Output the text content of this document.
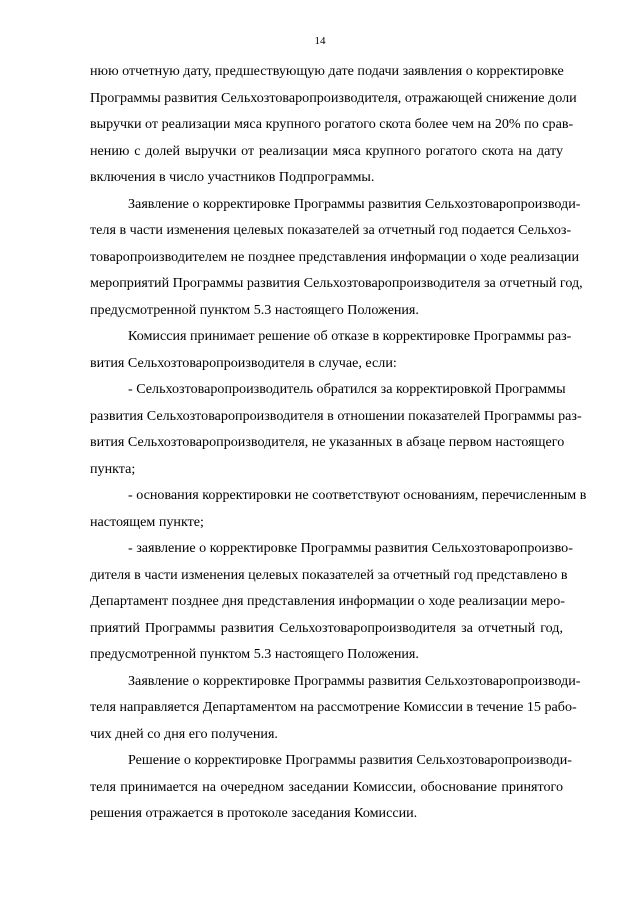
14

нюю отчетную дату, предшествующую дате подачи заявления о корректировке
Программы развития Сельхозтоваропроизводителя, отражающей снижение доли
выручки от реализации мяса крупного рогатого скота более чем на 20% по срав-
нению с долей выручки от реализации мяса крупного рогатого скота на дату
включения в число участников Подпрограммы.

Заявление о корректировке Программы развития Сельхозтоваропроизводи-
теля в части изменения целевых показателей за отчетный год подается Сельхоз-
товаропроизводителем не позднее представления информации о ходе реализации
мероприятий Программы развития Сельхозтоваропроизводителя за отчетный год,
предусмотренной пунктом 5.3 настоящего Положения.

Комиссия принимает решение об отказе в корректировке Программы раз-
вития Сельхозтоваропроизводителя в случае, если:

- Сельхозтоваропроизводитель обратился за корректировкой Программы
развития Сельхозтоваропроизводителя в отношении показателей Программы раз-
вития Сельхозтоваропроизводителя, не указанных в абзаце первом настоящего
пункта;

- основания корректировки не соответствуют основаниям, перечисленным в
настоящем пункте;

- заявление о корректировке Программы развития Сельхозтоваропроизво-
дителя в части изменения целевых показателей за отчетный год представлено в
Департамент позднее дня представления информации о ходе реализации меро-
приятий Программы развития Сельхозтоваропроизводителя за отчетный год,
предусмотренной пунктом 5.3 настоящего Положения.

Заявление о корректировке Программы развития Сельхозтоваропроизводи-
теля направляется Департаментом на рассмотрение Комиссии в течение 15 рабо-
чих дней со дня его получения.

Решение о корректировке Программы развития Сельхозтоваропроизводи-
теля принимается на очередном заседании Комиссии, обоснование принятого
решения отражается в протоколе заседания Комиссии.
